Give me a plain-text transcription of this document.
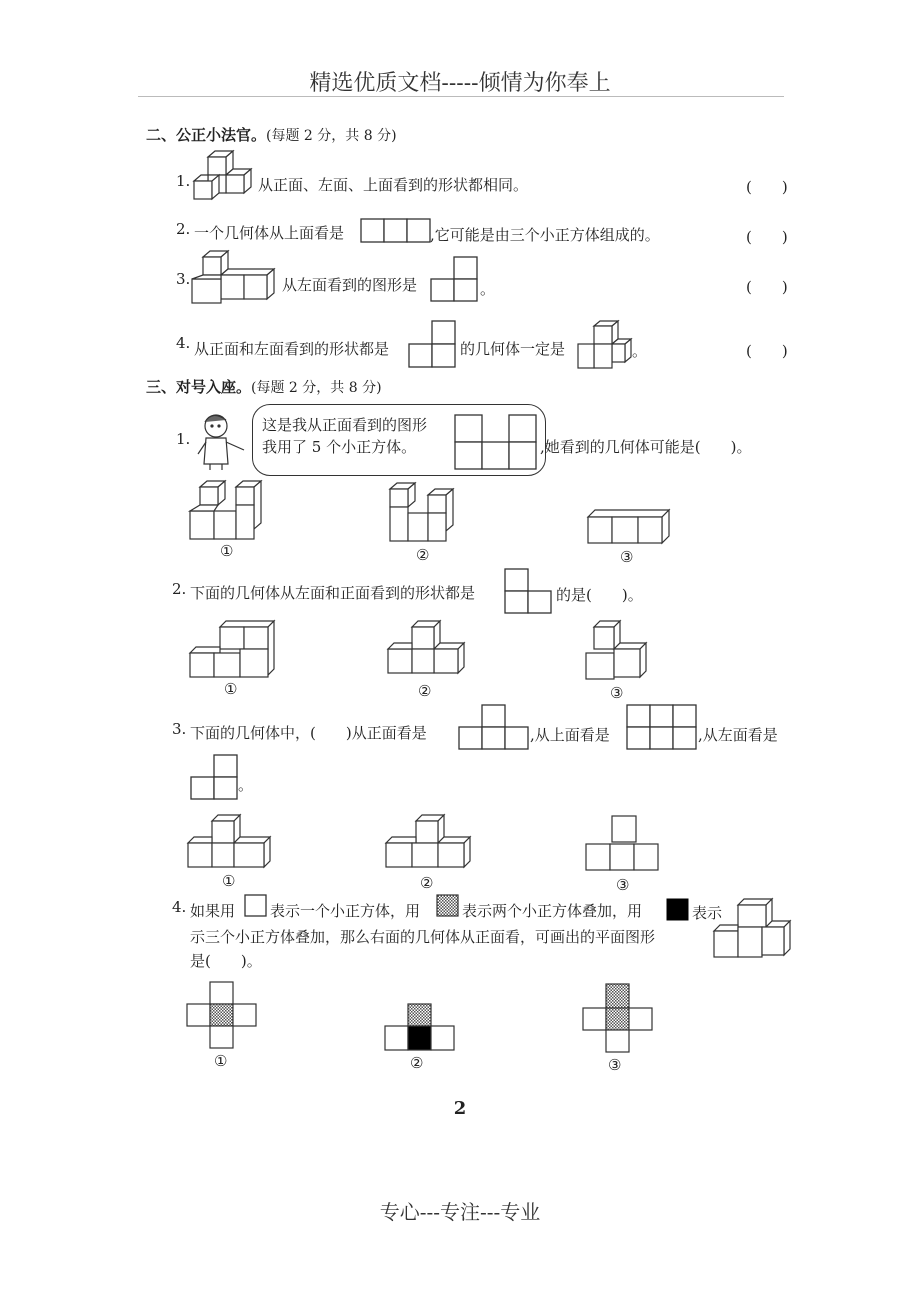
精选优质文档-----倾情为你奉上
二、公正小法官。(每题 2 分，共 8 分)
1.	从正面、左面、上面看到的形状都相同。	(　　)
2. 一个几何体从上面看是	,它可能是由三个小正方体组成的。	(　　)
3.	从左面看到的图形是	。	(　　)
4. 从正面和左面看到的形状都是	的几何体一定是	。	(　　)
三、对号入座。(每题 2 分，共 8 分)
1.
这是我从正面看到的图形
我用了 5 个小正方体。	,她看到的几何体可能是(　　)。
①	②	③
2. 下面的几何体从左面和正面看到的形状都是	的是(　　)。
①	②	③
3. 下面的几何体中，(　　)从正面看是	,从上面看是	,从左面看是
。
①	②	③
4. 如果用 表示一个小正方体，用	表示两个小正方体叠加，用	表示
示三个小正方体叠加，那么右面的几何体从正面看，可画出的平面图形
是(　　)。
①	②	③
2
专心---专注---专业
